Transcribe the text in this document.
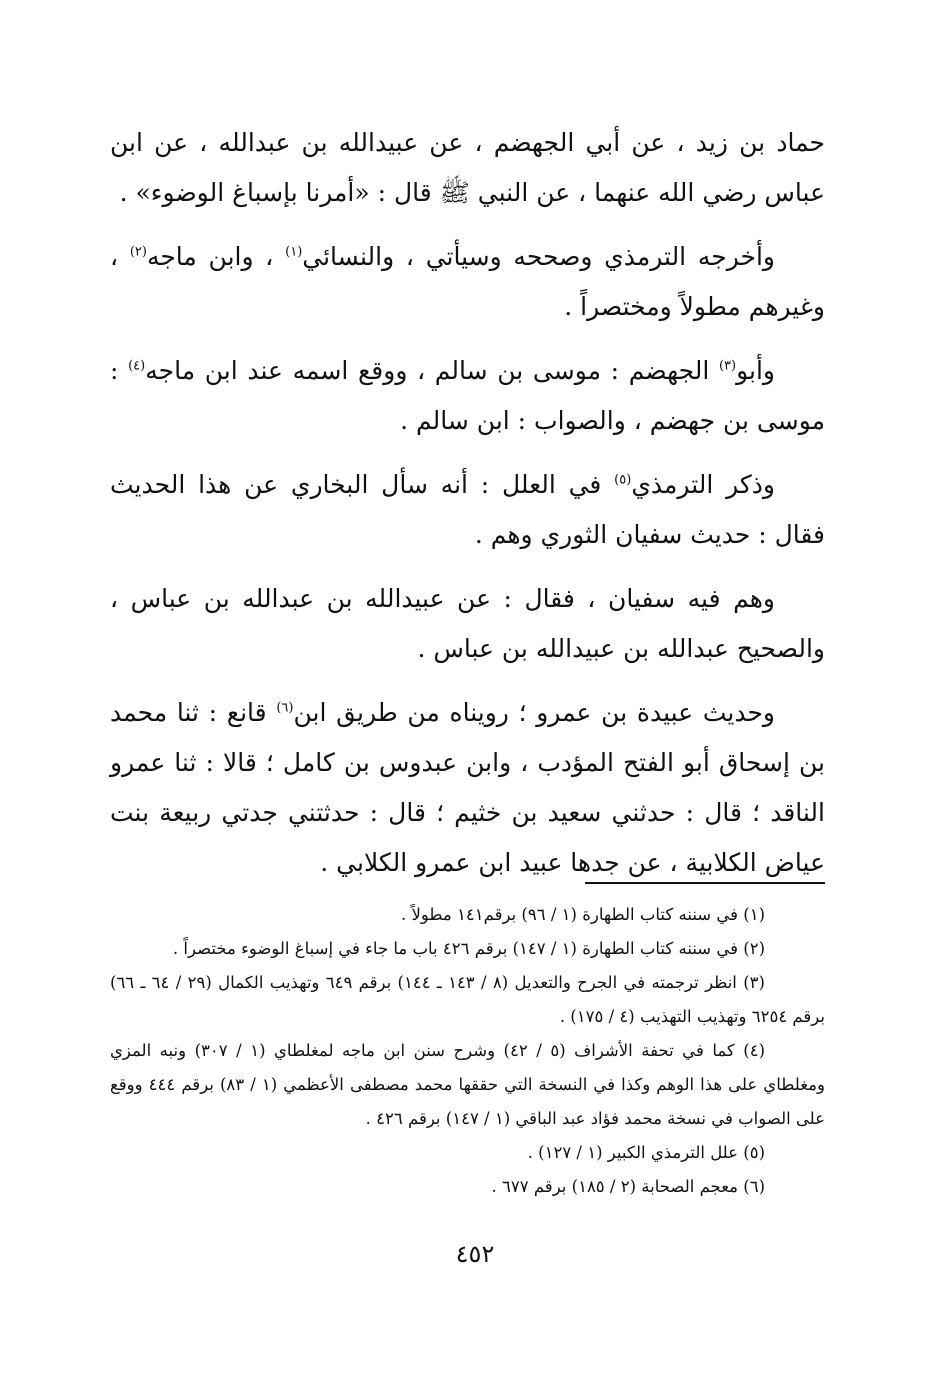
حماد بن زيد ، عن أبي الجهضم ، عن عبيدالله بن عبدالله ، عن ابن عباس رضي الله عنهما ، عن النبي ﷺ قال : «أمرنا بإسباغ الوضوء» .

وأخرجه الترمذي وصححه وسيأتي ، والنسائي$^{(١)}$ ، وابن ماجه$^{(٢)}$ ، وغيرهم مطولاً ومختصراً .

وأبو$^{(٣)}$ الجهضم : موسى بن سالم ، ووقع اسمه عند ابن ماجه$^{(٤)}$ : موسى بن جهضم ، والصواب : ابن سالم .

وذكر الترمذي$^{(٥)}$ في العلل : أنه سأل البخاري عن هذا الحديث فقال : حديث سفيان الثوري وهم .

وهم فيه سفيان ، فقال : عن عبيدالله بن عبدالله بن عباس ، والصحيح عبدالله بن عبيدالله بن عباس .

وحديث عبيدة بن عمرو ؛ رويناه من طريق ابن$^{(٦)}$ قانع : ثنا محمد بن إسحاق أبو الفتح المؤدب ، وابن عبدوس بن كامل ؛ قالا : ثنا عمرو الناقد ؛ قال : حدثني سعيد بن خثيم ؛ قال : حدثتني جدتي ربيعة بنت عياض الكلابية ، عن جدها عبيد ابن عمرو الكلابي .

(١) في سننه كتاب الطهارة (١ / ٩٦) برقم١٤١ مطولاً .

(٢) في سننه كتاب الطهارة (١ / ١٤٧) برقم ٤٢٦ باب ما جاء في إسباغ الوضوء مختصراً .

(٣) انظر ترجمته في الجرح والتعديل (٨ / ١٤٣ ـ ١٤٤) برقم ٦٤٩ وتهذيب الكمال (٢٩ / ٦٤ ـ ٦٦) برقم ٦٢٥٤ وتهذيب التهذيب (٤ / ١٧٥) .

(٤) كما في تحفة الأشراف (٥ / ٤٢) وشرح سنن ابن ماجه لمغلطاي (١ / ٣٠٧) ونبه المزي ومغلطاي على هذا الوهم وكذا في النسخة التي حققها محمد مصطفى الأعظمي (١ / ٨٣) برقم ٤٤٤ ووقع على الصواب في نسخة محمد فؤاد عبد الباقي (١ / ١٤٧) برقم ٤٢٦ .

(٥) علل الترمذي الكبير (١ / ١٢٧) .

(٦) معجم الصحابة (٢ / ١٨٥) برقم ٦٧٧ .

٤٥٢
